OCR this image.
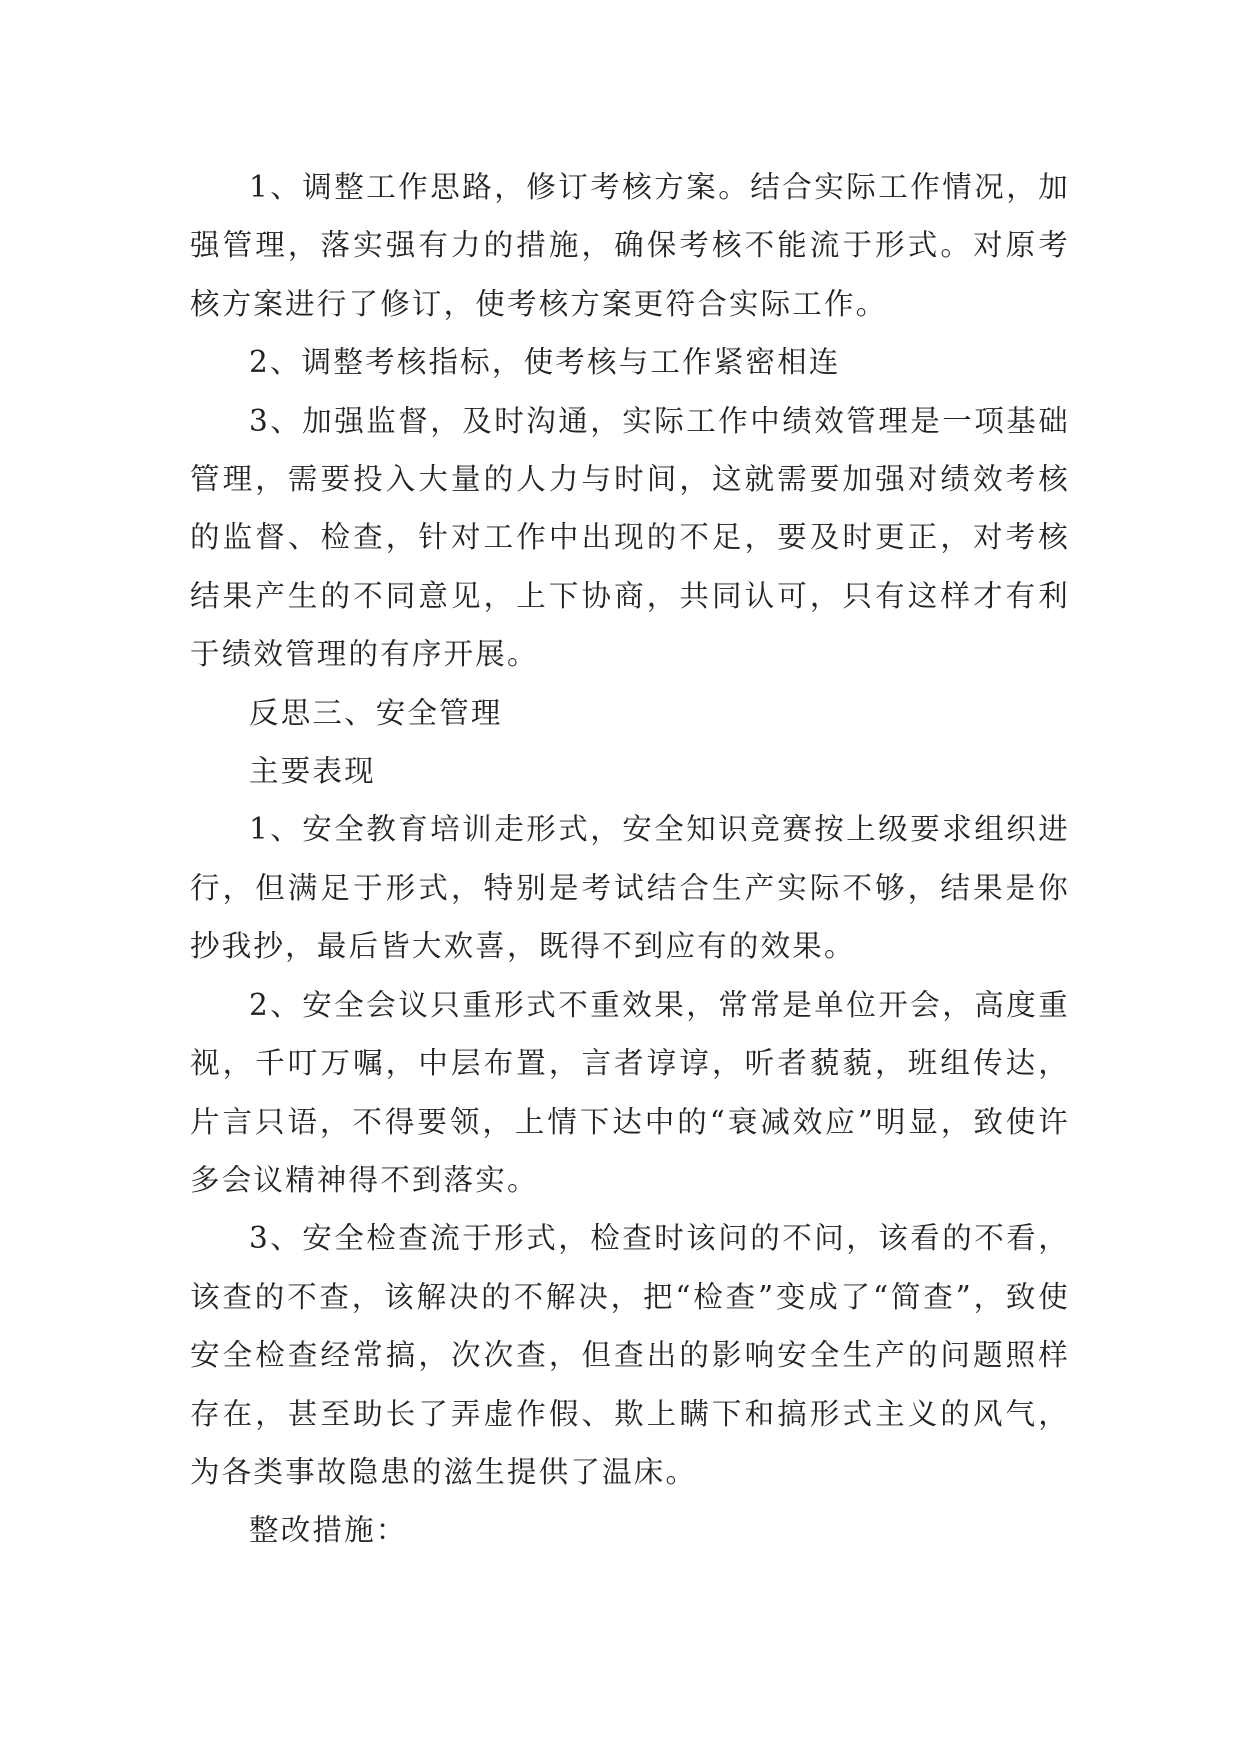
1、调整工作思路，修订考核方案。结合实际工作情况，加强管理，落实强有力的措施，确保考核不能流于形式。对原考核方案进行了修订，使考核方案更符合实际工作。

2、调整考核指标，使考核与工作紧密相连

3、加强监督，及时沟通，实际工作中绩效管理是一项基础管理，需要投入大量的人力与时间，这就需要加强对绩效考核的监督、检查，针对工作中出现的不足，要及时更正，对考核结果产生的不同意见，上下协商，共同认可，只有这样才有利于绩效管理的有序开展。

反思三、安全管理

主要表现

1、安全教育培训走形式，安全知识竞赛按上级要求组织进行，但满足于形式，特别是考试结合生产实际不够，结果是你抄我抄，最后皆大欢喜，既得不到应有的效果。

2、安全会议只重形式不重效果，常常是单位开会，高度重视，千叮万嘱，中层布置，言者谆谆，听者藐藐，班组传达，片言只语，不得要领，上情下达中的“衰减效应”明显，致使许多会议精神得不到落实。

3、安全检查流于形式，检查时该问的不问，该看的不看，该查的不查，该解决的不解决，把“检查”变成了“简查”，致使安全检查经常搞，次次查，但查出的影响安全生产的问题照样存在，甚至助长了弄虚作假、欺上瞒下和搞形式主义的风气，为各类事故隐患的滋生提供了温床。

整改措施：
